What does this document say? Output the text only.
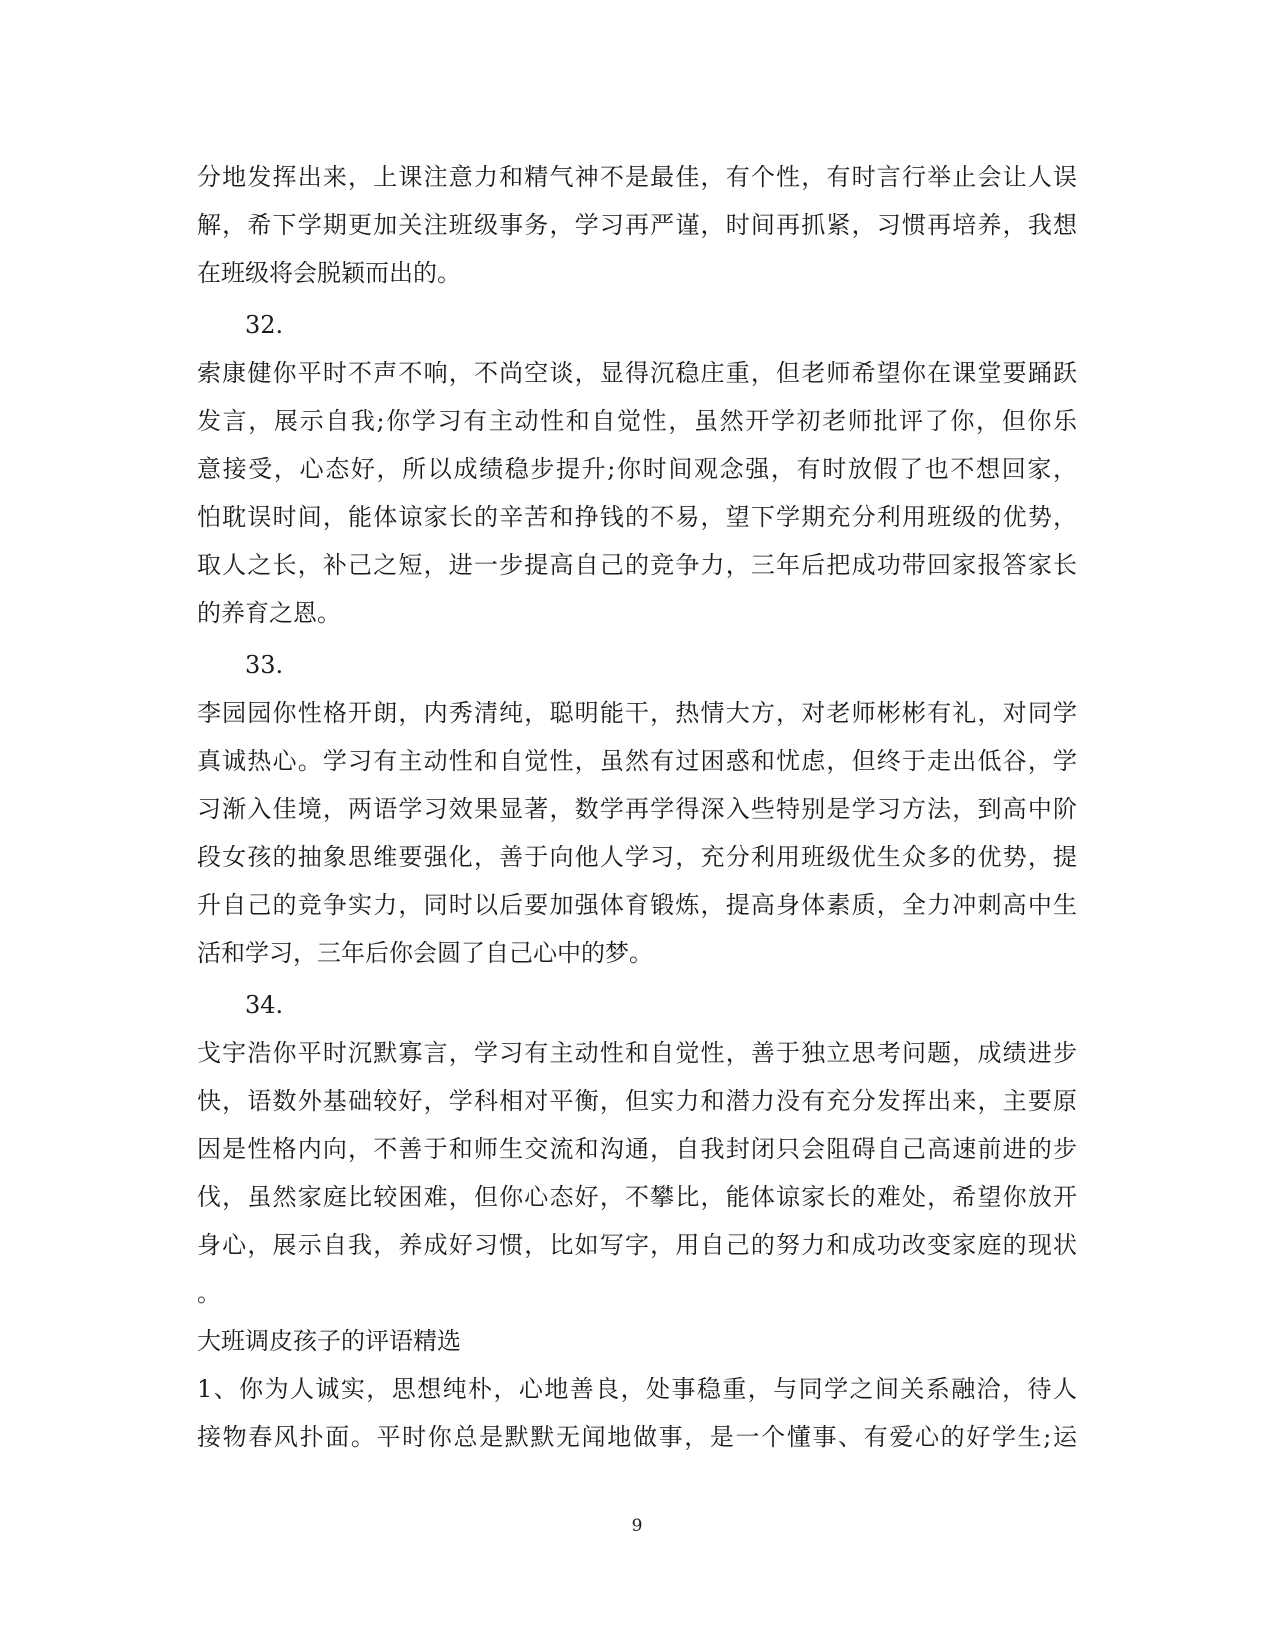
分地发挥出来，上课注意力和精气神不是最佳，有个性，有时言行举止会让人误
解，希下学期更加关注班级事务，学习再严谨，时间再抓紧，习惯再培养，我想
在班级将会脱颖而出的。
32.
索康健你平时不声不响，不尚空谈，显得沉稳庄重，但老师希望你在课堂要踊跃
发言，展示自我;你学习有主动性和自觉性，虽然开学初老师批评了你，但你乐
意接受，心态好，所以成绩稳步提升;你时间观念强，有时放假了也不想回家，
怕耽误时间，能体谅家长的辛苦和挣钱的不易，望下学期充分利用班级的优势，
取人之长，补己之短，进一步提高自己的竞争力，三年后把成功带回家报答家长
的养育之恩。
33.
李园园你性格开朗，内秀清纯，聪明能干，热情大方，对老师彬彬有礼，对同学
真诚热心。学习有主动性和自觉性，虽然有过困惑和忧虑，但终于走出低谷，学
习渐入佳境，两语学习效果显著，数学再学得深入些特别是学习方法，到高中阶
段女孩的抽象思维要强化，善于向他人学习，充分利用班级优生众多的优势，提
升自己的竞争实力，同时以后要加强体育锻炼，提高身体素质，全力冲刺高中生
活和学习，三年后你会圆了自己心中的梦。
34.
戈宇浩你平时沉默寡言，学习有主动性和自觉性，善于独立思考问题，成绩进步
快，语数外基础较好，学科相对平衡，但实力和潜力没有充分发挥出来，主要原
因是性格内向，不善于和师生交流和沟通，自我封闭只会阻碍自己高速前进的步
伐，虽然家庭比较困难，但你心态好，不攀比，能体谅家长的难处，希望你放开
身心，展示自我，养成好习惯，比如写字，用自己的努力和成功改变家庭的现状
。
大班调皮孩子的评语精选
1、你为人诚实，思想纯朴，心地善良，处事稳重，与同学之间关系融洽，待人
接物春风扑面。平时你总是默默无闻地做事，是一个懂事、有爱心的好学生;运
9
